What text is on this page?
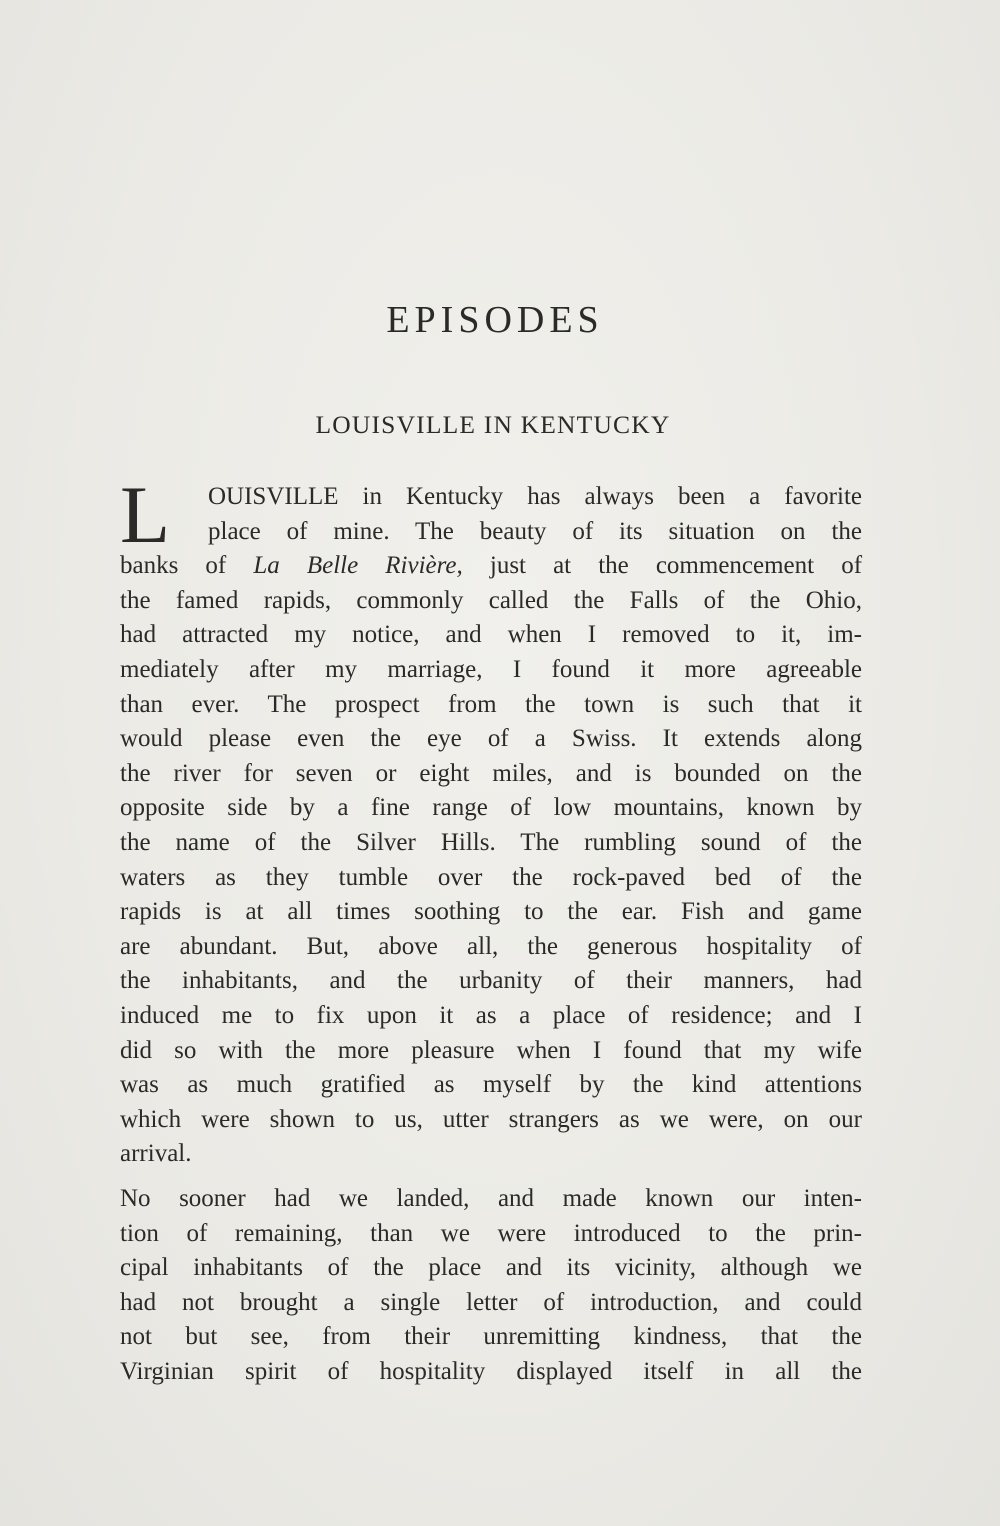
EPISODES
LOUISVILLE IN KENTUCKY
L	OUISVILLE in Kentucky has always been a favorite
place of mine. The beauty of its situation on the
banks of La Belle Rivière, just at the commencement of
the famed rapids, commonly called the Falls of the Ohio,
had attracted my notice, and when I removed to it, im-
mediately after my marriage, I found it more agreeable
than ever. The prospect from the town is such that it
would please even the eye of a Swiss. It extends along
the river for seven or eight miles, and is bounded on the
opposite side by a fine range of low mountains, known by
the name of the Silver Hills. The rumbling sound of the
waters as they tumble over the rock-paved bed of the
rapids is at all times soothing to the ear. Fish and game
are abundant. But, above all, the generous hospitality of
the inhabitants, and the urbanity of their manners, had
induced me to fix upon it as a place of residence; and I
did so with the more pleasure when I found that my wife
was as much gratified as myself by the kind attentions
which were shown to us, utter strangers as we were, on our
arrival.
No sooner had we landed, and made known our inten-
tion of remaining, than we were introduced to the prin-
cipal inhabitants of the place and its vicinity, although we
had not brought a single letter of introduction, and could
not but see, from their unremitting kindness, that the
Virginian spirit of hospitality displayed itself in all the
